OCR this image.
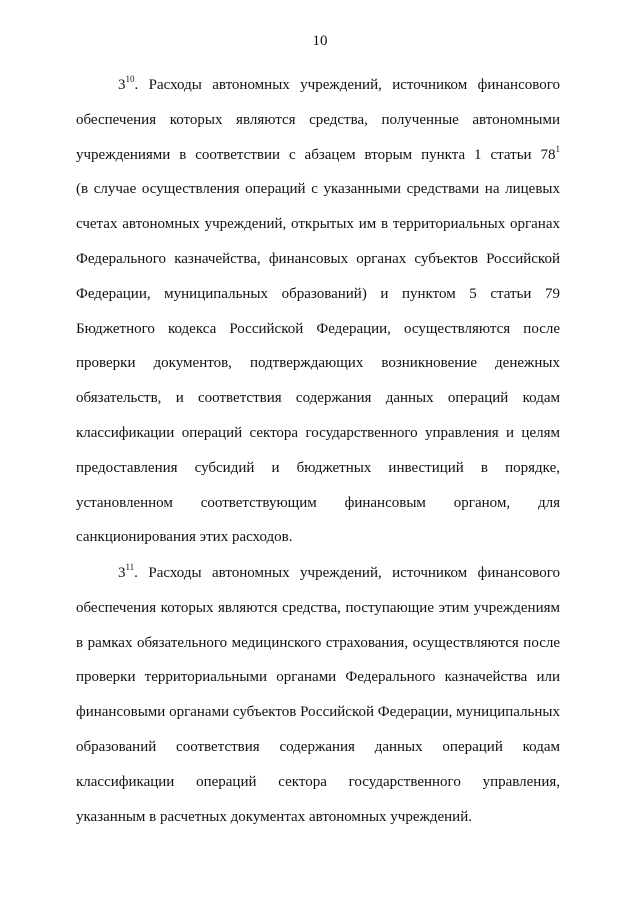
10
$3^{10}$. Расходы автономных учреждений, источником финансового
обеспечения которых являются средства, полученные автономными
учреждениями в соответствии с абзацем вторым пункта 1 статьи $78^1$
(в случае осуществления операций с указанными средствами на лицевых
счетах автономных учреждений, открытых им в территориальных органах
Федерального казначейства, финансовых органах субъектов Российской
Федерации, муниципальных образований) и пунктом 5 статьи 79
Бюджетного кодекса Российской Федерации, осуществляются после
проверки документов, подтверждающих возникновение денежных
обязательств, и соответствия содержания данных операций кодам
классификации операций сектора государственного управления и целям
предоставления субсидий и бюджетных инвестиций в порядке,
установленном соответствующим финансовым органом, для
санкционирования этих расходов.
$3^{11}$. Расходы автономных учреждений, источником финансового
обеспечения которых являются средства, поступающие этим учреждениям
в рамках обязательного медицинского страхования, осуществляются после
проверки территориальными органами Федерального казначейства или
финансовыми органами субъектов Российской Федерации, муниципальных
образований соответствия содержания данных операций кодам
классификации операций сектора государственного управления,
указанным в расчетных документах автономных учреждений.
